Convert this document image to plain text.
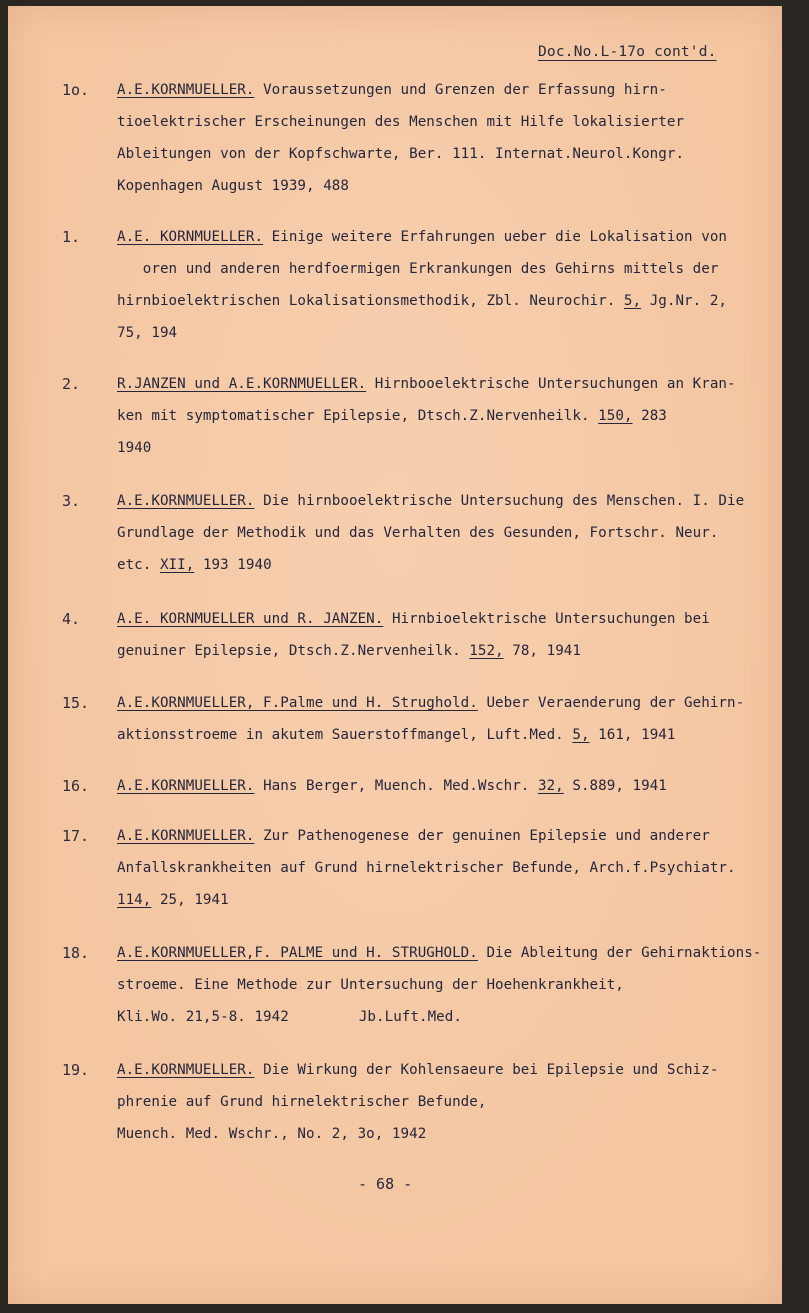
Doc.No.L-17o cont'd.
1o. A.E.KORNMUELLER. Voraussetzungen und Grenzen der Erfassung hirn-
tioelektrischer Erscheinungen des Menschen mit Hilfe lokalisierter
Ableitungen von der Kopfschwarte, Ber. 111. Internat.Neurol.Kongr.
Kopenhagen August 1939, 488
1.	A.E. KORNMUELLER. Einige weitere Erfahrungen ueber die Lokalisation von
oren und anderen herdfoermigen Erkrankungen des Gehirns mittels der
hirnbioelektrischen Lokalisationsmethodik, Zbl. Neurochir. 5, Jg.Nr. 2,
75, 194
2.	R.JANZEN und A.E.KORNMUELLER. Hirnbooelektrische Untersuchungen an Kran-
ken mit symptomatischer Epilepsie, Dtsch.Z.Nervenheilk. 150, 283
1940
3.	A.E.KORNMUELLER. Die hirnbooelektrische Untersuchung des Menschen. I. Die
Grundlage der Methodik und das Verhalten des Gesunden, Fortschr. Neur.
etc. XII, 193 1940
4.	A.E. KORNMUELLER und R. JANZEN. Hirnbioelektrische Untersuchungen bei
genuiner Epilepsie, Dtsch.Z.Nervenheilk. 152, 78, 1941
15. A.E.KORNMUELLER, F.Palme und H. Strughold. Ueber Veraenderung der Gehirn-
aktionsstroeme in akutem Sauerstoffmangel, Luft.Med. 5, 161, 1941
16. A.E.KORNMUELLER. Hans Berger, Muench. Med.Wschr. 32, S.889, 1941
17. A.E.KORNMUELLER. Zur Pathenogenese der genuinen Epilepsie und anderer
Anfallskrankheiten auf Grund hirnelektrischer Befunde, Arch.f.Psychiatr.
114, 25, 1941
18. A.E.KORNMUELLER,F. PALME und H. STRUGHOLD. Die Ableitung der Gehirnaktions-
stroeme. Eine Methode zur Untersuchung der Hoehenkrankheit,
Kli.Wo. 21,5-8. 1942	Jb.Luft.Med.
19. A.E.KORNMUELLER. Die Wirkung der Kohlensaeure bei Epilepsie und Schiz-
phrenie auf Grund hirnelektrischer Befunde,
Muench. Med. Wschr., No. 2, 3o, 1942
- 68 -
